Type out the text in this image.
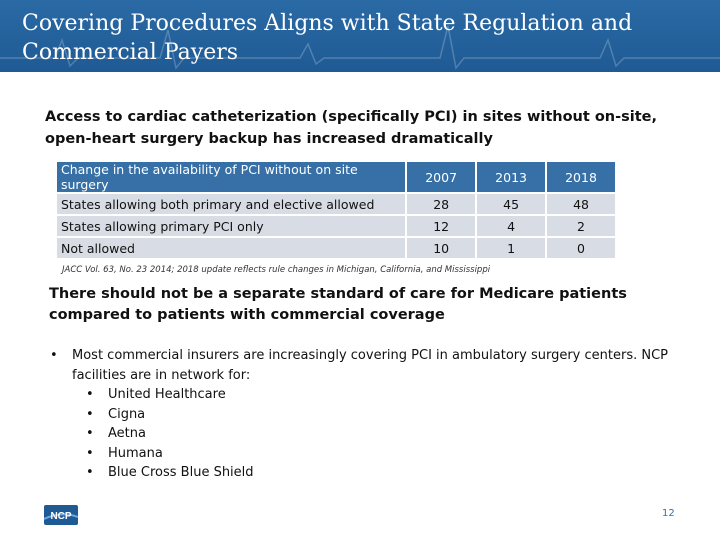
Covering Procedures Aligns with State Regulation and Commercial Payers
Access to cardiac catheterization (specifically PCI) in sites without on-site, open-heart surgery backup has increased dramatically
Change in the availability of PCI without on site surgery	2007	2013	2018
States allowing both primary and elective allowed	28	45	48
States allowing primary PCI only	12	4	2
Not allowed	10	1	0
JACC Vol. 63, No. 23 2014; 2018 update reflects rule changes in Michigan, California, and Mississippi
There should not be a separate standard of care for Medicare patients compared to patients with commercial coverage
• Most commercial insurers are increasingly covering PCI in ambulatory surgery centers. NCP facilities are in network for:
• United Healthcare
• Cigna
• Aetna
• Humana
• Blue Cross Blue Shield
NCP	12
